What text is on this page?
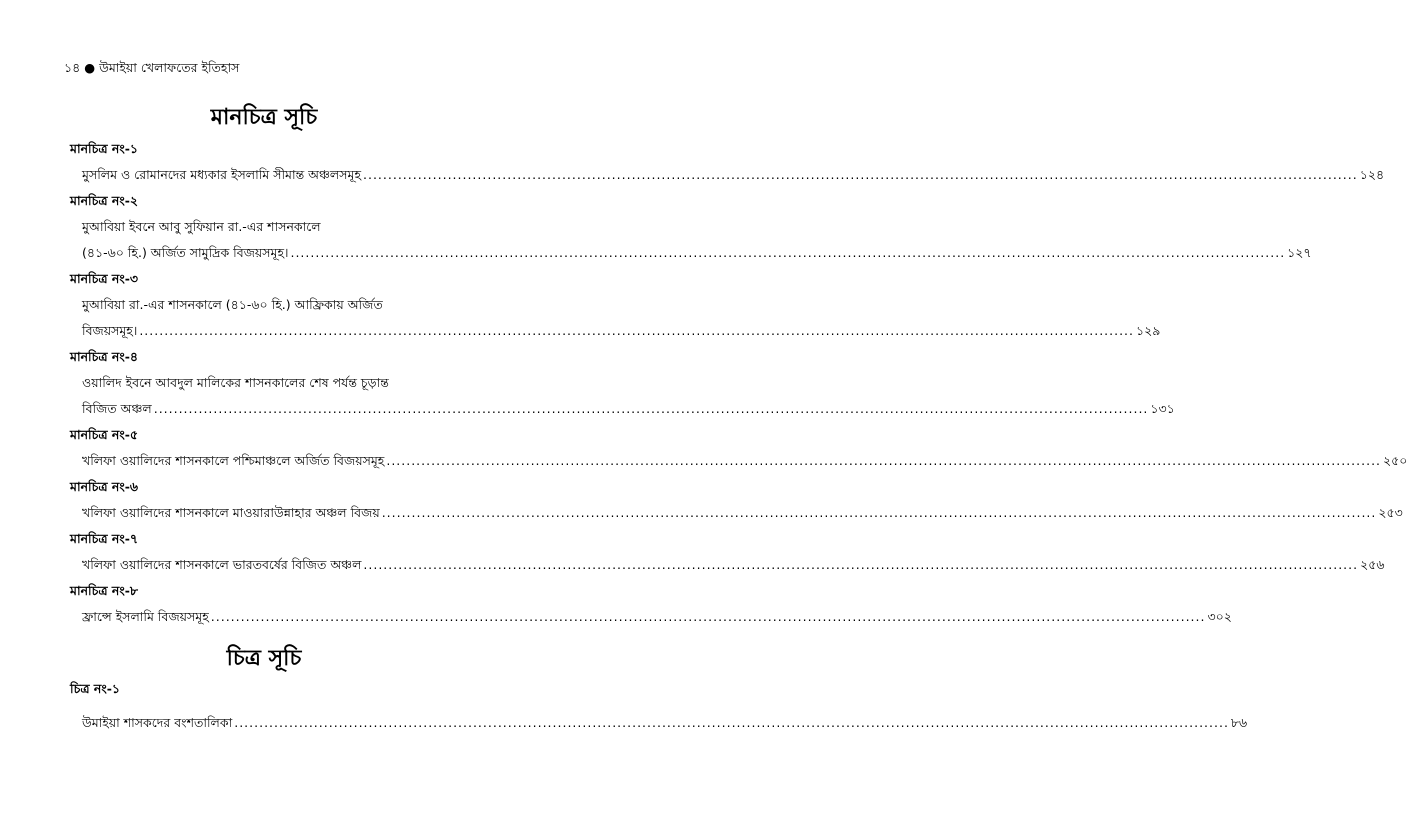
১৪ ● উমাইয়া খেলাফতের ইতিহাস
মানচিত্র সূচি
মানচিত্র নং-১
মুসলিম ও রোমানদের মধ্যকার ইসলামি সীমান্ত অঞ্চলসমূহ ........................................................................................................................................................................................................ ১২৪
মানচিত্র নং-২
মুআবিয়া ইবনে আবু সুফিয়ান রা.-এর শাসনকালে
(৪১-৬০ হি.) অর্জিত সামুদ্রিক বিজয়সমূহ। ........................................................................................................................................................................................................ ১২৭
মানচিত্র নং-৩
মুআবিয়া রা.-এর শাসনকালে (৪১-৬০ হি.) আফ্রিকায় অর্জিত
বিজয়সমূহ। ........................................................................................................................................................................................................ ১২৯
মানচিত্র নং-৪
ওয়ালিদ ইবনে আবদুল মালিকের শাসনকালের শেষ পর্যন্ত চূড়ান্ত
বিজিত অঞ্চল ........................................................................................................................................................................................................ ১৩১
মানচিত্র নং-৫
খলিফা ওয়ালিদের শাসনকালে পশ্চিমাঞ্চলে অর্জিত বিজয়সমূহ ........................................................................................................................................................................................................ ২৫০
মানচিত্র নং-৬
খলিফা ওয়ালিদের শাসনকালে মাওয়ারাউন্নাহার অঞ্চল বিজয় ........................................................................................................................................................................................................ ২৫৩
মানচিত্র নং-৭
খলিফা ওয়ালিদের শাসনকালে ভারতবর্ষের বিজিত অঞ্চল ........................................................................................................................................................................................................ ২৫৬
মানচিত্র নং-৮
ফ্রান্সে ইসলামি বিজয়সমূহ ........................................................................................................................................................................................................ ৩০২
চিত্র সূচি
চিত্র নং-১
উমাইয়া শাসকদের বংশতালিকা ........................................................................................................................................................................................................ ৮৬
